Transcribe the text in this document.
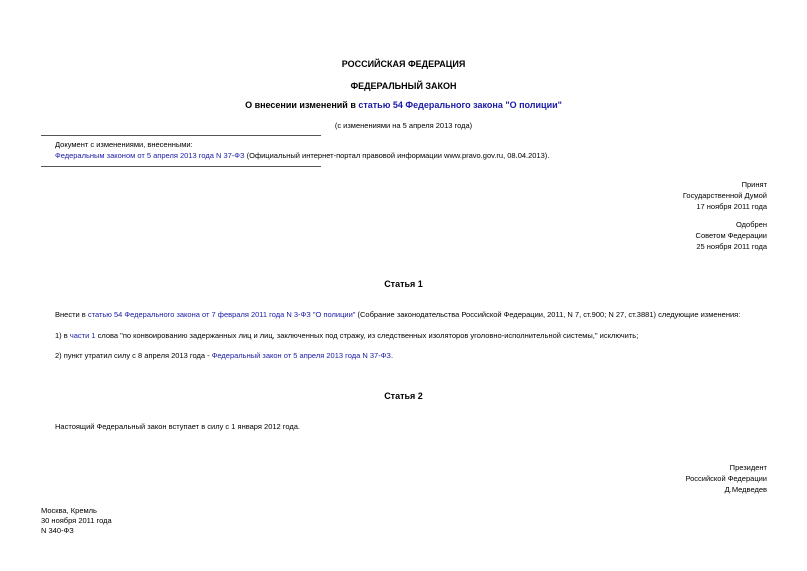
РОССИЙСКАЯ ФЕДЕРАЦИЯ
ФЕДЕРАЛЬНЫЙ ЗАКОН
О внесении изменений в статью 54 Федерального закона "О полиции"
(с изменениями на 5 апреля 2013 года)
Документ с изменениями, внесенными:
Федеральным законом от 5 апреля 2013 года N 37-ФЗ (Официальный интернет-портал правовой информации www.pravo.gov.ru, 08.04.2013).
Принят
Государственной Думой
17 ноября 2011 года
Одобрен
Советом Федерации
25 ноября 2011 года
Статья 1
Внести в статью 54 Федерального закона от 7 февраля 2011 года N 3-ФЗ "О полиции" (Собрание законодательства Российской Федерации, 2011, N 7, ст.900; N 27, ст.3881) следующие изменения:
1) в части 1 слова "по конвоированию задержанных лиц и лиц, заключенных под стражу, из следственных изоляторов уголовно-исполнительной системы," исключить;
2) пункт утратил силу с 8 апреля 2013 года - Федеральный закон от 5 апреля 2013 года N 37-ФЗ.
Статья 2
Настоящий Федеральный закон вступает в силу с 1 января 2012 года.
Президент
Российской Федерации
Д.Медведев
Москва, Кремль
30 ноября 2011 года
N 340-ФЗ
